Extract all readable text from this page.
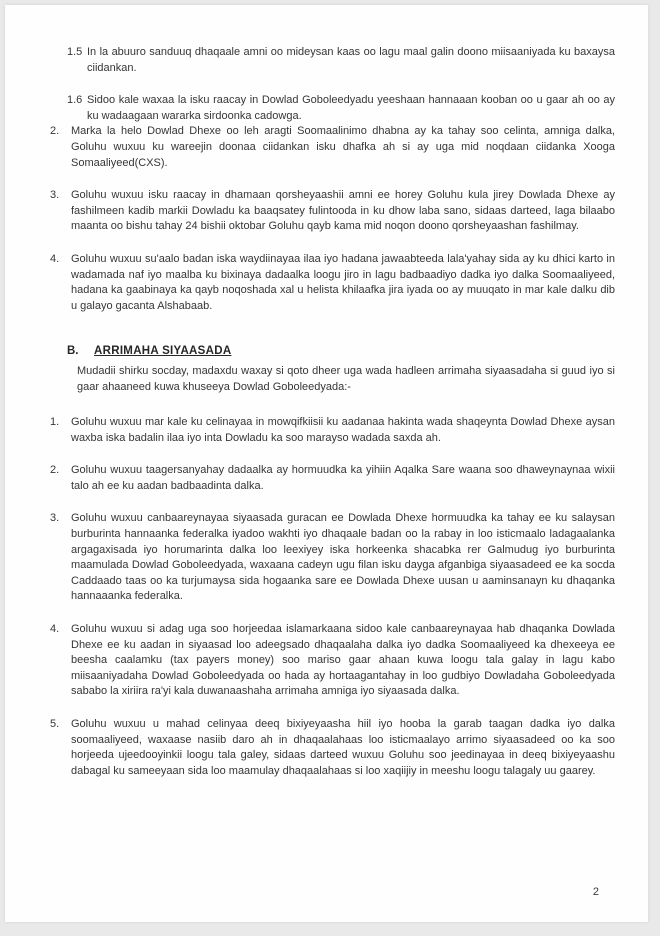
1.5 In la abuuro sanduuq dhaqaale amni oo mideysan kaas oo lagu maal galin doono miisaaniyada ku baxaysa ciidankan.
1.6 Sidoo kale waxaa la isku raacay in Dowlad Goboleedyadu yeeshaan hannaaan kooban oo u gaar ah oo ay ku wadaagaan wararka sirdoonka cadowga.
2.	Marka la helo Dowlad Dhexe oo leh aragti Soomaalinimo dhabna ay ka tahay soo celinta, amniga dalka, Goluhu wuxuu ku wareejin doonaa ciidankan isku dhafka ah si ay uga mid noqdaan ciidanka Xooga Somaaliyeed(CXS).
3.	Goluhu wuxuu isku raacay in dhamaan qorsheyaashii amni ee horey Goluhu kula jirey Dowlada Dhexe ay fashilmeen kadib markii Dowladu ka baaqsatey fulintooda in ku dhow laba sano, sidaas darteed, laga bilaabo maanta oo bishu tahay 24 bishii oktobar Goluhu qayb kama mid noqon doono qorsheyaashan fashilmay.
4.	Goluhu wuxuu su'aalo badan iska waydiinayaa ilaa iyo hadana jawaabteeda lala'yahay sida ay ku dhici karto in wadamada naf iyo maalba ku bixinaya dadaalka loogu jiro in lagu badbaadiyo dadka iyo dalka Soomaaliyeed, hadana ka gaabinaya ka qayb noqoshada xal u helista khilaafka jira iyada oo ay muuqato in mar kale dalku dib u galayo gacanta Alshabaab.
B.	ARRIMAHA SIYAASADA

Mudadii shirku socday, madaxdu waxay si qoto dheer uga wada hadleen arrimaha siyaasadaha si guud iyo si gaar ahaaneed kuwa khuseeya Dowlad Goboleedyada:-

1.	Goluhu wuxuu mar kale ku celinayaa in mowqifkiisii ku aadanaa hakinta wada shaqeynta Dowlad Dhexe aysan waxba iska badalin ilaa iyo inta Dowladu ka soo marayso wadada saxda ah.
2.	Goluhu wuxuu taagersanyahay dadaalka ay hormuudka ka yihiin Aqalka Sare waana soo dhaweynaynaa wixii talo ah ee ku aadan badbaadinta dalka.
3.	Goluhu wuxuu canbaareynayaa siyaasada guracan ee Dowlada Dhexe hormuudka ka tahay ee ku salaysan burburinta hannaanka federalka iyadoo wakhti iyo dhaqaale badan oo la rabay in loo isticmaalo ladagaalanka argagaxisada iyo horumarinta dalka loo leexiyey iska horkeenka shacabka rer Galmudug iyo burburinta maamulada Dowlad Goboleedyada, waxaana cadeyn ugu filan isku dayga afganbiga siyaasadeed ee ka socda Caddaado taas oo ka turjumaysa sida hogaanka sare ee Dowlada Dhexe uusan u aaminsanayn ku dhaqanka hannaaanka federalka.
4.	Goluhu wuxuu si adag uga soo horjeedaa islamarkaana sidoo kale canbaareynayaa hab dhaqanka Dowlada Dhexe ee ku aadan in siyaasad loo adeegsado dhaqaalaha dalka iyo dadka Soomaaliyeed ka dhexeeya ee beesha caalamku (tax payers money) soo mariso gaar ahaan kuwa loogu tala galay in lagu kabo miisaaniyadaha Dowlad Goboleedyada oo hada ay hortaagantahay in loo gudbiyo Dowladaha Goboleedyada sababo la xiriira ra'yi kala duwanaashaha arrimaha amniga iyo siyaasada dalka.
5.	Goluhu wuxuu u mahad celinyaa deeq bixiyeyaasha hiil iyo hooba la garab taagan dadka iyo dalka soomaaliyeed, waxaase nasiib daro ah in dhaqaalahaas loo isticmaalayo arrimo siyaasadeed oo ka soo horjeeda ujeedooyinkii loogu tala galey, sidaas darteed wuxuu Goluhu soo jeedinayaa in deeq bixiyeyaashu dabagal ku sameeyaan sida loo maamulay dhaqaalahaas si loo xaqiijiy in meeshu loogu talagaly uu gaarey.
2
